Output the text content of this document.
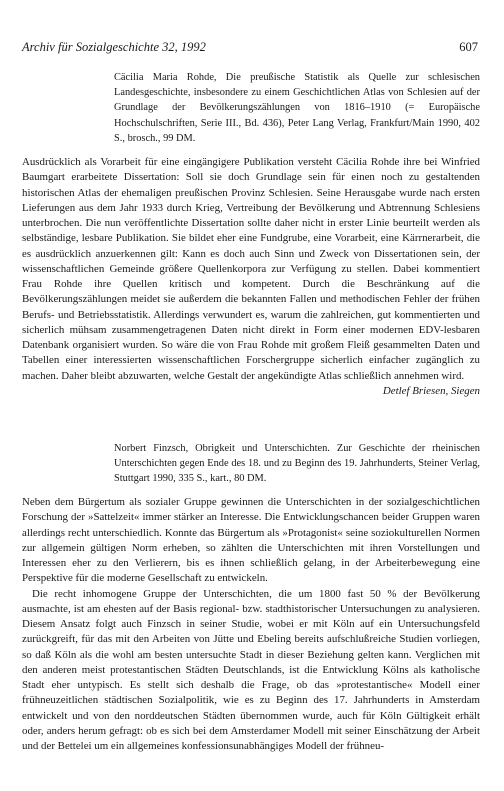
Archiv für Sozialgeschichte 32, 1992	607
Cäcilia Maria Rohde, Die preußische Statistik als Quelle zur schlesischen Landesgeschichte, insbesondere zu einem Geschichtlichen Atlas von Schlesien auf der Grundlage der Bevölkerungszählungen von 1816–1910 (= Europäische Hochschulschriften, Serie III., Bd. 436), Peter Lang Verlag, Frankfurt/Main 1990, 402 S., brosch., 99 DM.

Ausdrücklich als Vorarbeit für eine eingängigere Publikation versteht Cäcilia Rohde ihre bei Winfried Baumgart erarbeitete Dissertation: Soll sie doch Grundlage sein für einen noch zu gestaltenden historischen Atlas der ehemaligen preußischen Provinz Schlesien. Seine Herausgabe wurde nach ersten Lieferungen aus dem Jahr 1933 durch Krieg, Vertreibung der Bevölkerung und Abtrennung Schlesiens unterbrochen. Die nun veröffentlichte Dissertation sollte daher nicht in erster Linie beurteilt werden als selbständige, lesbare Publikation. Sie bildet eher eine Fundgrube, eine Vorarbeit, eine Kärrnerarbeit, die es ausdrücklich anzuerkennen gilt: Kann es doch auch Sinn und Zweck von Dissertationen sein, der wissenschaftlichen Gemeinde größere Quellenkorpora zur Verfügung zu stellen. Dabei kommentiert Frau Rohde ihre Quellen kritisch und kompetent. Durch die Beschränkung auf die Bevölkerungszählungen meidet sie außerdem die bekannten Fallen und methodischen Fehler der frühen Berufs- und Betriebsstatistik. Allerdings verwundert es, warum die zahlreichen, gut kommentierten und sicherlich mühsam zusammengetragenen Daten nicht direkt in Form einer modernen EDV-lesbaren Datenbank organisiert wurden. So wäre die von Frau Rohde mit großem Fleiß gesammelten Daten und Tabellen einer interessierten wissenschaftlichen Forschergruppe sicherlich einfacher zugänglich zu machen. Daher bleibt abzuwarten, welche Gestalt der angekündigte Atlas schließlich annehmen wird.

Detlef Briesen, Siegen

Norbert Finzsch, Obrigkeit und Unterschichten. Zur Geschichte der rheinischen Unterschichten gegen Ende des 18. und zu Beginn des 19. Jahrhunderts, Steiner Verlag, Stuttgart 1990, 335 S., kart., 80 DM.

Neben dem Bürgertum als sozialer Gruppe gewinnen die Unterschichten in der sozialgeschichtlichen Forschung der »Sattelzeit« immer stärker an Interesse. Die Entwicklungschancen beider Gruppen waren allerdings recht unterschiedlich. Konnte das Bürgertum als »Protagonist« seine soziokulturellen Normen zur allgemein gültigen Norm erheben, so zählten die Unterschichten mit ihren Vorstellungen und Interessen eher zu den Verlierern, bis es ihnen schließlich gelang, in der Arbeiterbewegung eine Perspektive für die moderne Gesellschaft zu entwickeln.

Die recht inhomogene Gruppe der Unterschichten, die um 1800 fast 50 % der Bevölkerung ausmachte, ist am ehesten auf der Basis regional- bzw. stadthistorischer Untersuchungen zu analysieren. Diesem Ansatz folgt auch Finzsch in seiner Studie, wobei er mit Köln auf ein Untersuchungsfeld zurückgreift, für das mit den Arbeiten von Jütte und Ebeling bereits aufschlußreiche Studien vorliegen, so daß Köln als die wohl am besten untersuchte Stadt in dieser Beziehung gelten kann. Verglichen mit den anderen meist protestantischen Städten Deutschlands, ist die Entwicklung Kölns als katholische Stadt eher untypisch. Es stellt sich deshalb die Frage, ob das »protestantische« Modell einer frühneuzeitlichen städtischen Sozialpolitik, wie es zu Beginn des 17. Jahrhunderts in Amsterdam entwickelt und von den norddeutschen Städten übernommen wurde, auch für Köln Gültigkeit erhält oder, anders herum gefragt: ob es sich bei dem Amsterdamer Modell mit seiner Einschätzung der Arbeit und der Bettelei um ein allgemeines konfessionsunabhängiges Modell der frühneu-
